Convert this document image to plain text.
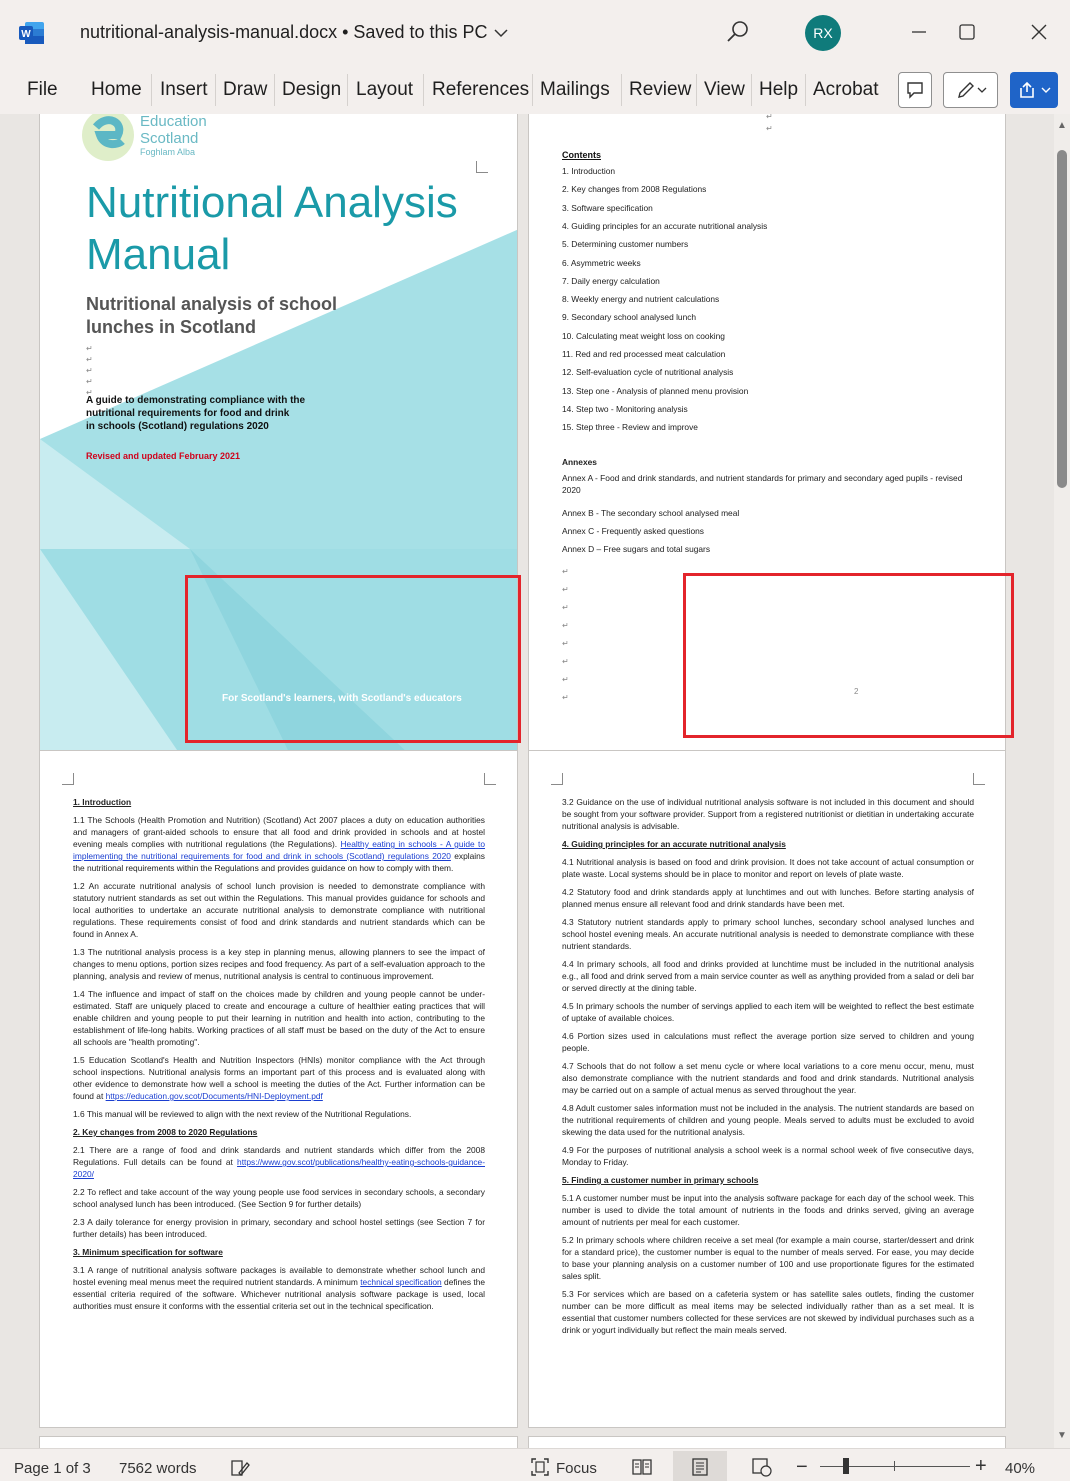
W	nutritional-analysis-manual.docx • Saved to this PC	RX
File Home Insert Draw Design Layout References Mailings Review View Help Acrobat
Education
Scotland
Foghlam Alba
Nutritional Analysis
Manual
Nutritional analysis of school
lunches in Scotland
↵
↵
↵
↵
↵
A guide to demonstrating compliance with the
nutritional requirements for food and drink
in schools (Scotland) regulations 2020
Revised and updated February 2021
For Scotland's learners, with Scotland's educators
↵
↵
Contents
Annexes
Annex A - Food and drink standards, and nutrient standards for primary and secondary aged pupils - revised 2020
Annex B - The secondary school analysed meal
Annex C - Frequently asked questions
Annex D – Free sugars and total sugars
↵
↵
↵
↵
↵
↵
↵
↵
2
1. Introduction
2. Key changes from 2008 Regulations
3. Software specification
4. Guiding principles for an accurate nutritional analysis
5. Determining customer numbers
6. Asymmetric weeks
7. Daily energy calculation
8. Weekly energy and nutrient calculations
9. Secondary school analysed lunch
10. Calculating meat weight loss on cooking
11. Red and red processed meat calculation
12. Self-evaluation cycle of nutritional analysis
13. Step one - Analysis of planned menu provision
14. Step two - Monitoring analysis
15. Step three - Review and improve
1. Introduction

1.1 The Schools (Health Promotion and Nutrition) (Scotland) Act 2007 places a duty on education authorities and managers of grant-aided schools to ensure that all food and drink provided in schools and at hostel evening meals complies with nutritional regulations (the Regulations). Healthy eating in schools - A guide to implementing the nutritional requirements for food and drink in schools (Scotland) regulations 2020 explains the nutritional requirements within the Regulations and provides guidance on how to comply with them.

1.2 An accurate nutritional analysis of school lunch provision is needed to demonstrate compliance with statutory nutrient standards as set out within the Regulations. This manual provides guidance for schools and local authorities to undertake an accurate nutritional analysis to demonstrate compliance with nutritional regulations. These requirements consist of food and drink standards and nutrient standards which can be found in Annex A.

1.3 The nutritional analysis process is a key step in planning menus, allowing planners to see the impact of changes to menu options, portion sizes recipes and food frequency. As part of a self-evaluation approach to the planning, analysis and review of menus, nutritional analysis is central to continuous improvement.

1.4 The influence and impact of staff on the choices made by children and young people cannot be under-estimated. Staff are uniquely placed to create and encourage a culture of healthier eating practices that will enable children and young people to put their learning in nutrition and health into action, contributing to the establishment of life-long habits. Working practices of all staff must be based on the duty of the Act to ensure all schools are "health promoting".

1.5 Education Scotland's Health and Nutrition Inspectors (HNIs) monitor compliance with the Act through school inspections. Nutritional analysis forms an important part of this process and is evaluated along with other evidence to demonstrate how well a school is meeting the duties of the Act. Further information can be found at https://education.gov.scot/Documents/HNI-Deployment.pdf

1.6 This manual will be reviewed to align with the next review of the Nutritional Regulations.

2. Key changes from 2008 to 2020 Regulations

2.1 There are a range of food and drink standards and nutrient standards which differ from the 2008 Regulations. Full details can be found at https://www.gov.scot/publications/healthy-eating-schools-guidance-2020/

2.2 To reflect and take account of the way young people use food services in secondary schools, a secondary school analysed lunch has been introduced. (See Section 9 for further details)

2.3 A daily tolerance for energy provision in primary, secondary and school hostel settings (see Section 7 for further details) has been introduced.

3. Minimum specification for software

3.1 A range of nutritional analysis software packages is available to demonstrate whether school lunch and hostel evening meal menus meet the required nutrient standards. A minimum technical specification defines the essential criteria required of the software. Whichever nutritional analysis software package is used, local authorities must ensure it conforms with the essential criteria set out in the technical specification.

3.2 Guidance on the use of individual nutritional analysis software is not included in this document and should be sought from your software provider. Support from a registered nutritionist or dietitian in undertaking accurate nutritional analysis is advisable.

4. Guiding principles for an accurate nutritional analysis

4.1 Nutritional analysis is based on food and drink provision. It does not take account of actual consumption or plate waste. Local systems should be in place to monitor and report on levels of plate waste.

4.2 Statutory food and drink standards apply at lunchtimes and out with lunches. Before starting analysis of planned menus ensure all relevant food and drink standards have been met.

4.3 Statutory nutrient standards apply to primary school lunches, secondary school analysed lunches and school hostel evening meals. An accurate nutritional analysis is needed to demonstrate compliance with these nutrient standards.

4.4 In primary schools, all food and drinks provided at lunchtime must be included in the nutritional analysis e.g., all food and drink served from a main service counter as well as anything provided from a salad or deli bar or served directly at the dining table.

4.5 In primary schools the number of servings applied to each item will be weighted to reflect the best estimate of uptake of available choices.

4.6 Portion sizes used in calculations must reflect the average portion size served to children and young people.

4.7 Schools that do not follow a set menu cycle or where local variations to a core menu occur, menu, must also demonstrate compliance with the nutrient standards and food and drink standards. Nutritional analysis may be carried out on a sample of actual menus as served throughout the year.

4.8 Adult customer sales information must not be included in the analysis. The nutrient standards are based on the nutritional requirements of children and young people. Meals served to adults must be excluded to avoid skewing the data used for the nutritional analysis.

4.9 For the purposes of nutritional analysis a school week is a normal school week of five consecutive days, Monday to Friday.

5. Finding a customer number in primary schools

5.1 A customer number must be input into the analysis software package for each day of the school week. This number is used to divide the total amount of nutrients in the foods and drinks served, giving an average amount of nutrients per meal for each customer.

5.2 In primary schools where children receive a set meal (for example a main course, starter/dessert and drink for a standard price), the customer number is equal to the number of meals served. For ease, you may decide to base your planning analysis on a customer number of 100 and use proportionate figures for the estimated sales split.

5.3 For services which are based on a cafeteria system or has satellite sales outlets, finding the customer number can be more difficult as meal items may be selected individually rather than as a set meal. It is essential that customer numbers collected for these services are not skewed by individual purchases such as a drink or yogurt individually but reflect the main meals served.

▲
▼
Page 1 of 3 7562 words	Focus	−	+ 40%
